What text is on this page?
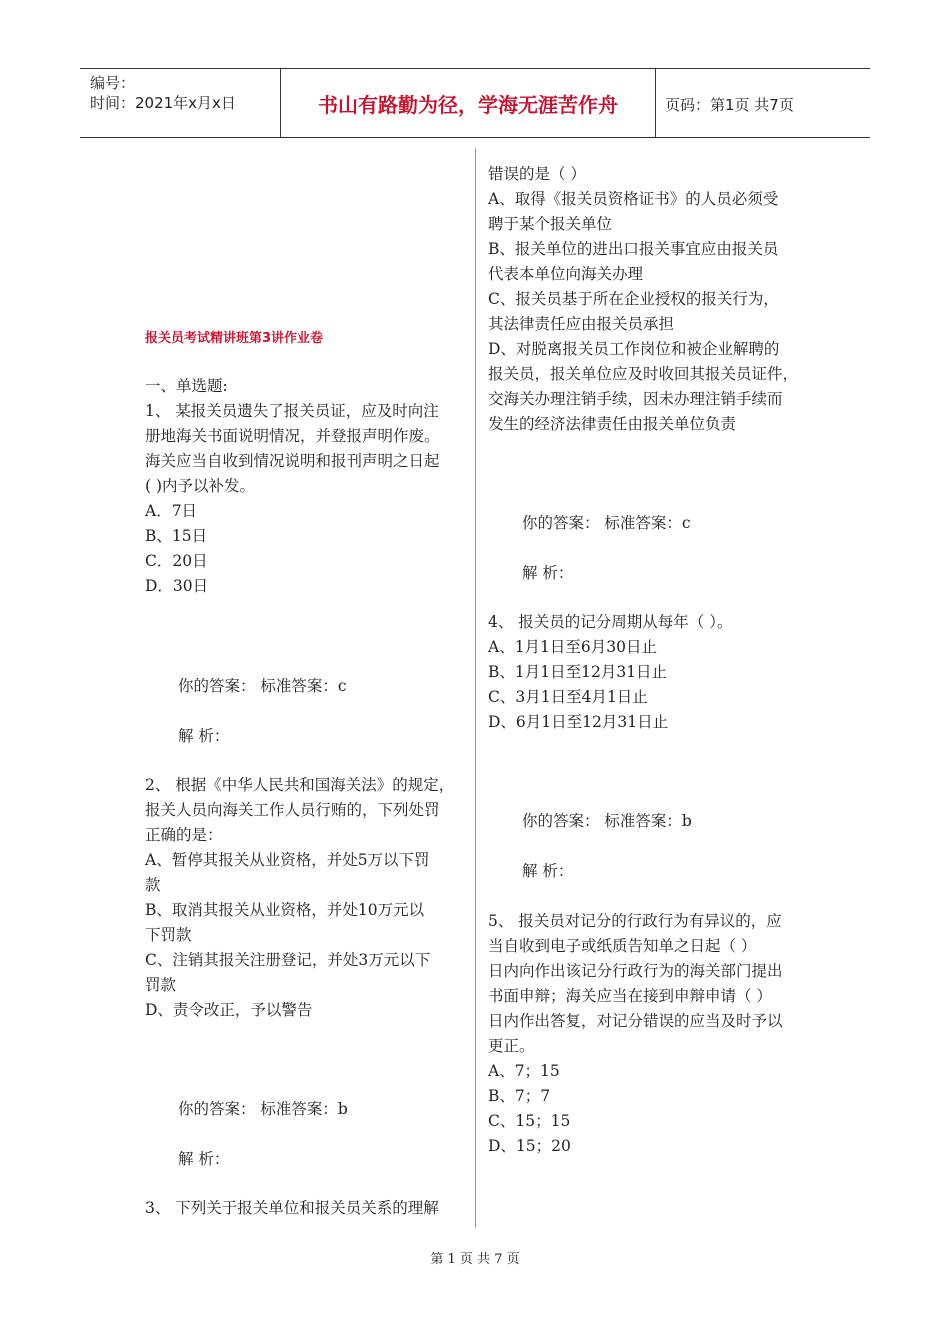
编号：
时间：2021年x月x日	书山有路勤为径，学海无涯苦作舟	页码：第1页 共7页
报关员考试精讲班第3讲作业卷
一、单选题:
1、 某报关员遗失了报关员证，应及时向注
册地海关书面说明情况，并登报声明作废。
海关应当自收到情况说明和报刊声明之日起
( )内予以补发。
A．7日
B、15日
C．20日
D．30日
你的答案： 标准答案：c
解 析：
2、 根据《中华人民共和国海关法》的规定，
报关人员向海关工作人员行贿的，下列处罚
正确的是：
A、暂停其报关从业资格，并处5万以下罚
款
B、取消其报关从业资格，并处10万元以
下罚款
C、注销其报关注册登记，并处3万元以下
罚款
D、责令改正，予以警告
你的答案： 标准答案：b
解 析：
3、 下列关于报关单位和报关员关系的理解
错误的是（ ）
A、取得《报关员资格证书》的人员必须受
聘于某个报关单位
B、报关单位的进出口报关事宜应由报关员
代表本单位向海关办理
C、报关员基于所在企业授权的报关行为，
其法律责任应由报关员承担
D、对脱离报关员工作岗位和被企业解聘的
报关员，报关单位应及时收回其报关员证件，
交海关办理注销手续，因未办理注销手续而
发生的经济法律责任由报关单位负责
你的答案： 标准答案：c
解 析：
4、 报关员的记分周期从每年（ ）。
A、1月1日至6月30日止
B、1月1日至12月31日止
C、3月1日至4月1日止
D、6月1日至12月31日止
你的答案： 标准答案：b
解 析：
5、 报关员对记分的行政行为有异议的，应
当自收到电子或纸质告知单之日起（ ）
日内向作出该记分行政行为的海关部门提出
书面申辩；海关应当在接到申辩申请（ ）
日内作出答复，对记分错误的应当及时予以
更正。
A、7；15
B、7；7
C、15；15
D、15；20
第 1 页 共 7 页
